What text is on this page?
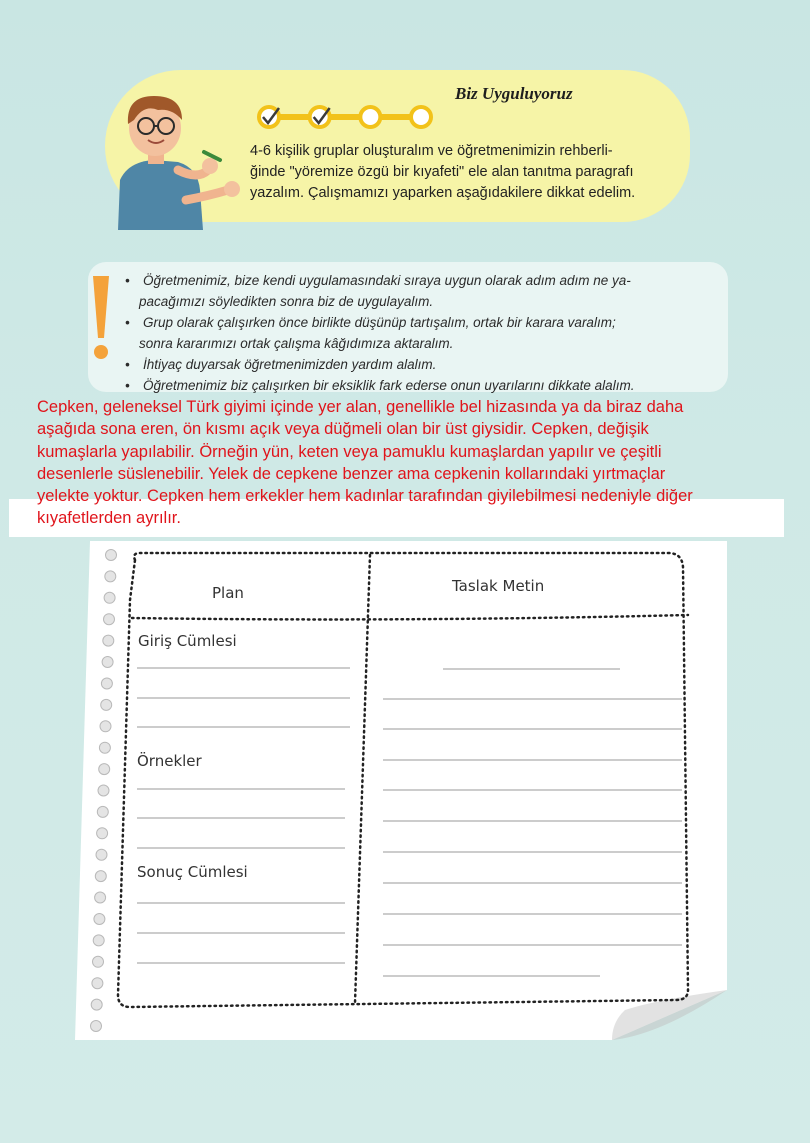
Biz Uyguluyoruz
4-6 kişilik gruplar oluşturalım ve öğretmenimizin rehberli-
ğinde "yöremize özgü bir kıyafeti" ele alan tanıtma paragrafı
yazalım. Çalışmamızı yaparken aşağıdakilere dikkat edelim.
• Öğretmenimiz, bize kendi uygulamasındaki sıraya uygun olarak adım adım ne ya-
pacağımızı söyledikten sonra biz de uygulayalım.
• Grup olarak çalışırken önce birlikte düşünüp tartışalım, ortak bir karara varalım;
sonra kararımızı ortak çalışma kâğıdımıza aktaralım.
• İhtiyaç duyarsak öğretmenimizden yardım alalım.
• Öğretmenimiz biz çalışırken bir eksiklik fark ederse onun uyarılarını dikkate alalım.
Plan	Taslak Metin
Giriş Cümlesi
Örnekler
Sonuç Cümlesi
Cepken, geleneksel Türk giyimi içinde yer alan, genellikle bel hizasında ya da biraz daha
aşağıda sona eren, ön kısmı açık veya düğmeli olan bir üst giysidir. Cepken, değişik
kumaşlarla yapılabilir. Örneğin yün, keten veya pamuklu kumaşlardan yapılır ve çeşitli
desenlerle süslenebilir. Yelek de cepkene benzer ama cepkenin kollarındaki yırtmaçlar
yelekte yoktur. Cepken hem erkekler hem kadınlar tarafından giyilebilmesi nedeniyle diğer
kıyafetlerden ayrılır.
